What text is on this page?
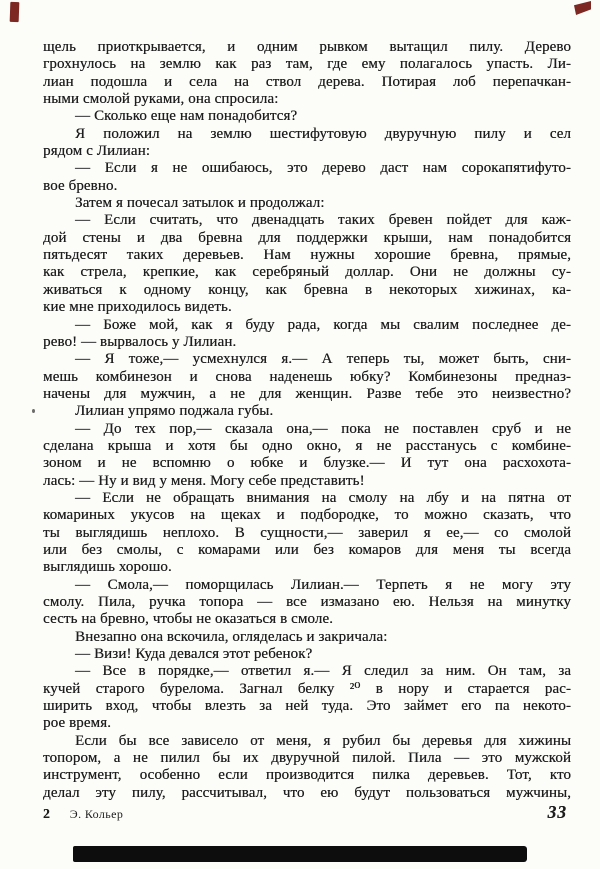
щель приоткрывается, и одним рывком вытащил пилу. Дерево
грохнулось на землю как раз там, где ему полагалось упасть. Ли-
лиан подошла и села на ствол дерева. Потирая лоб перепачкан-
ными смолой руками, она спросила:
— Сколько еще нам понадобится?
Я положил на землю шестифутовую двуручную пилу и сел
рядом с Лилиан:
— Если я не ошибаюсь, это дерево даст нам сорокапятифуто-
вое бревно.
Затем я почесал затылок и продолжал:
— Если считать, что двенадцать таких бревен пойдет для каж-
дой стены и два бревна для поддержки крыши, нам понадобится
пятьдесят таких деревьев. Нам нужны хорошие бревна, прямые,
как стрела, крепкие, как серебряный доллар. Они не должны су-
живаться к одному концу, как бревна в некоторых хижинах, ка-
кие мне приходилось видеть.
— Боже мой, как я буду рада, когда мы свалим последнее де-
рево! — вырвалось у Лилиан.
— Я тоже,— усмехнулся я.— А теперь ты, может быть, сни-
мешь комбинезон и снова наденешь юбку? Комбинезоны предназ-
начены для мужчин, а не для женщин. Разве тебе это неизвестно?
Лилиан упрямо поджала губы.
— До тех пор,— сказала она,— пока не поставлен сруб и не
сделана крыша и хотя бы одно окно, я не расстанусь с комбине-
зоном и не вспомню о юбке и блузке.— И тут она расхохота-
лась: — Ну и вид у меня. Могу себе представить!
— Если не обращать внимания на смолу на лбу и на пятна от
комариных укусов на щеках и подбородке, то можно сказать, что
ты выглядишь неплохо. В сущности,— заверил я ее,— со смолой
или без смолы, с комарами или без комаров для меня ты всегда
выглядишь хорошо.
— Смола,— поморщилась Лилиан.— Терпеть я не могу эту
смолу. Пила, ручка топора — все измазано ею. Нельзя на минутку
сесть на бревно, чтобы не оказаться в смоле.
Внезапно она вскочила, огляделась и закричала:
— Визи! Куда девался этот ребенок?
— Все в порядке,— ответил я.— Я следил за ним. Он там, за
кучей старого бурелома. Загнал белку ²⁰ в нору и старается рас-
ширить вход, чтобы влезть за ней туда. Это займет его па некото-
рое время.
Если бы все зависело от меня, я рубил бы деревья для хижины
топором, а не пилил бы их двуручной пилой. Пила — это мужской
инструмент, особенно если производится пилка деревьев. Тот, кто
делал эту пилу, рассчитывал, что ею будут пользоваться мужчины,
2 Э. Кольер	33
